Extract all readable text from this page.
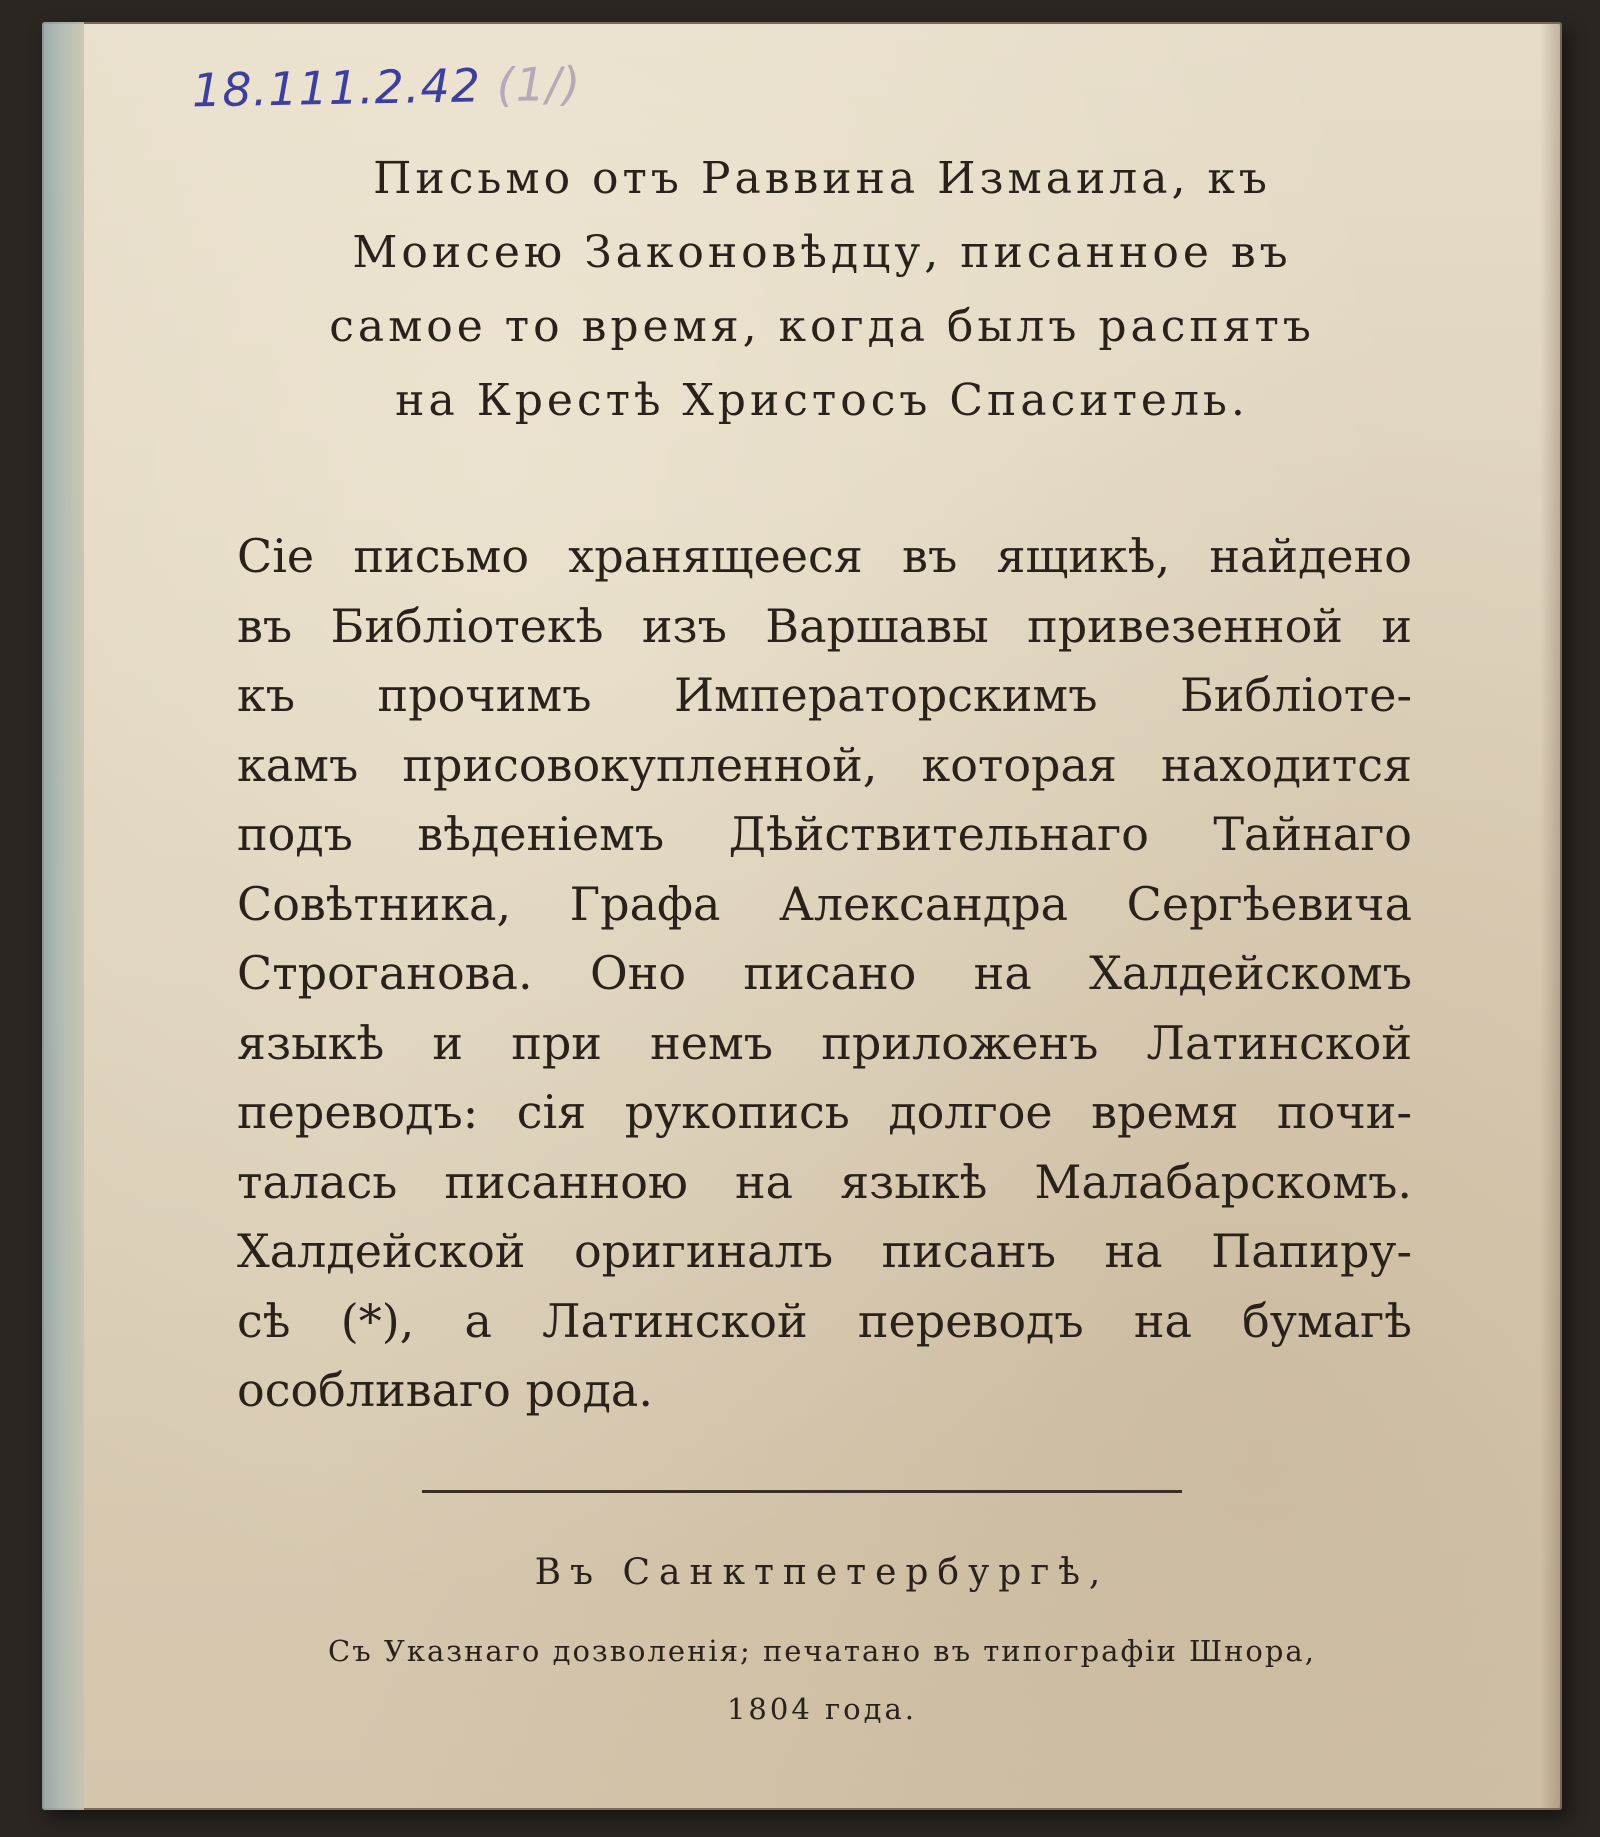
18.111.2.42 (1/)
Письмо отъ Раввина Измаила, къ
Моисею Законовѣдцу, писанное въ
самое то время, когда былъ распятъ
на Крестѣ Христосъ Спаситель.

Сіе письмо хранящееся въ ящикѣ, найдено
въ Библіотекѣ изъ Варшавы привезенной и
къ прочимъ Императорскимъ Библіоте-
камъ присовокупленной, которая находится
подъ вѣденіемъ Дѣйствительнаго Тайнаго
Совѣтника, Графа Александра Сергѣевича
Строганова. Оно писано на Халдейскомъ
языкѣ и при немъ приложенъ Латинской
переводъ: сія рукопись долгое время почи-
талась писанною на языкѣ Малабарскомъ.
Халдейской оригиналъ писанъ на Папиру-
сѣ (*), а Латинской переводъ на бумагѣ
особливаго рода.

Въ Санктпетербургѣ,

Съ Указнаго дозволенія; печатано въ типографіи Шнора,

1804 года.
